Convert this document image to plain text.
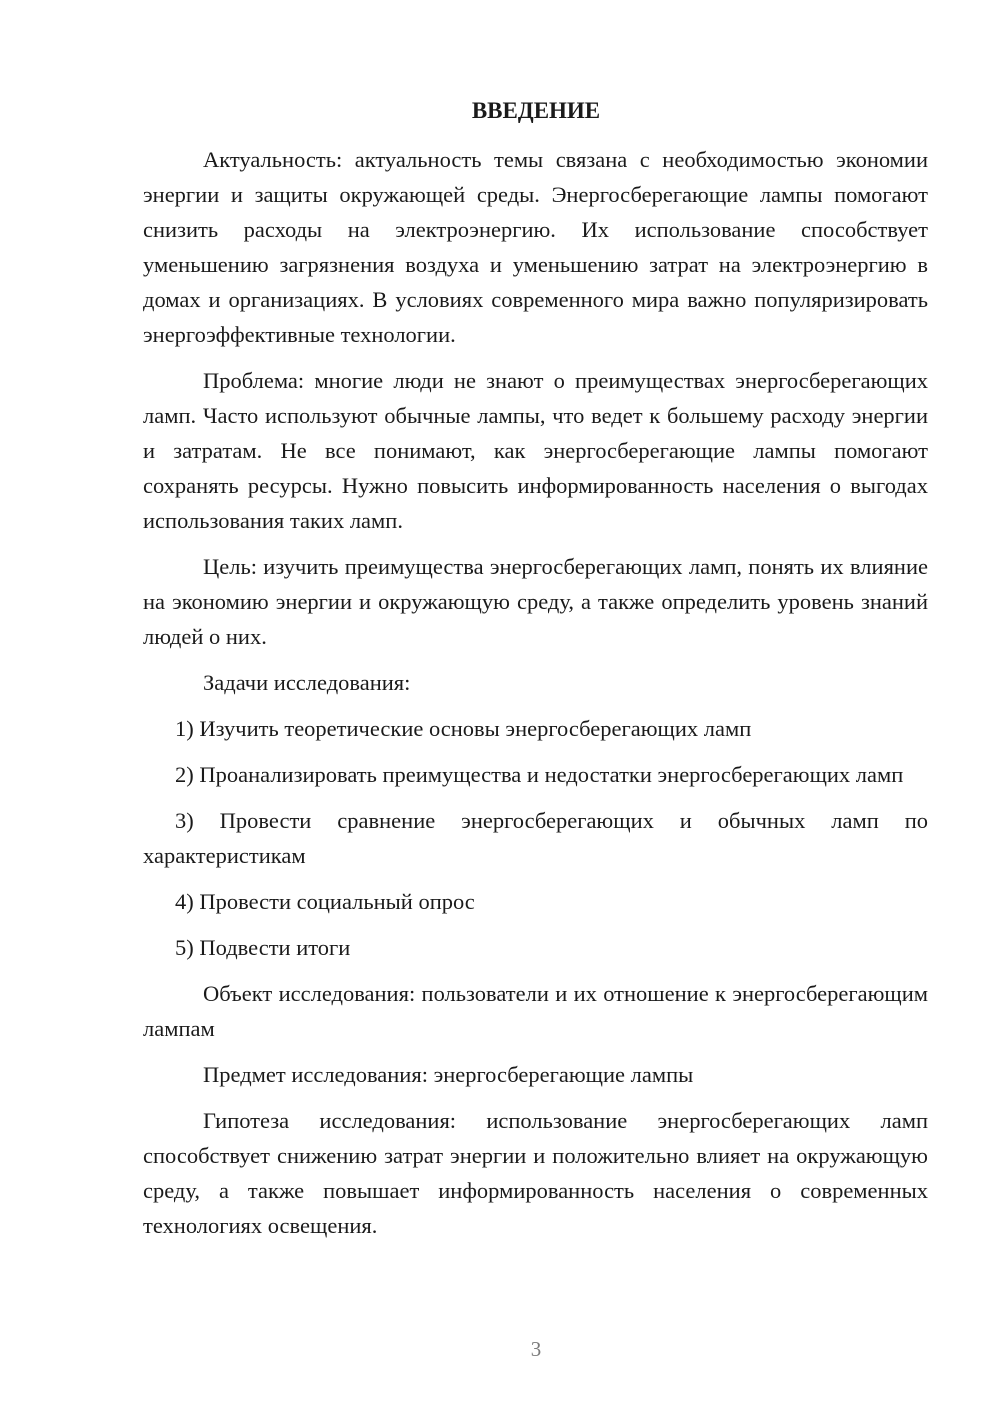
ВВЕДЕНИЕ

Актуальность: актуальность темы связана с необходимостью экономии энергии и защиты окружающей среды. Энергосберегающие лампы помогают снизить расходы на электроэнергию. Их использование способствует уменьшению загрязнения воздуха и уменьшению затрат на электроэнергию в домах и организациях. В условиях современного мира важно популяризировать энергоэффективные технологии.

Проблема: многие люди не знают о преимуществах энергосберегающих ламп. Часто используют обычные лампы, что ведет к большему расходу энергии и затратам. Не все понимают, как энергосберегающие лампы помогают сохранять ресурсы. Нужно повысить информированность населения о выгодах использования таких ламп.

Цель: изучить преимущества энергосберегающих ламп, понять их влияние на экономию энергии и окружающую среду, а также определить уровень знаний людей о них.

Задачи исследования:

1) Изучить теоретические основы энергосберегающих ламп

2) Проанализировать преимущества и недостатки энергосберегающих ламп

3) Провести сравнение энергосберегающих и обычных ламп по характеристикам

4) Провести социальный опрос

5) Подвести итоги

Объект исследования: пользователи и их отношение к энергосберегающим лампам

Предмет исследования: энергосберегающие лампы

Гипотеза исследования: использование энергосберегающих ламп способствует снижению затрат энергии и положительно влияет на окружающую среду, а также повышает информированность населения о современных технологиях освещения.

3
